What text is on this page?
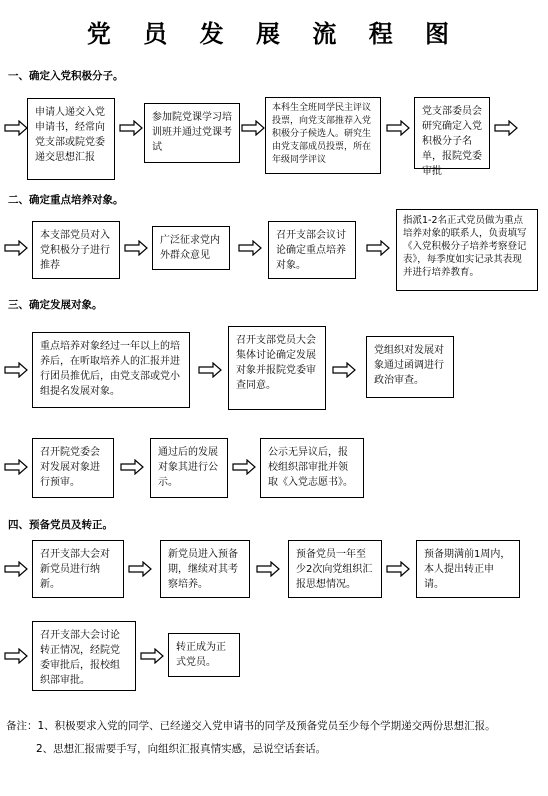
党 员 发 展 流 程 图
一、确定入党积极分子。
申请人递交入党申请书，经常向党支部或院党委递交思想汇报
参加院党课学习培训班并通过党课考试
本科生全班同学民主评议投票，向党支部推荐入党积极分子候选人。研究生由党支部成员投票，所在年级同学评议
党支部委员会研究确定入党积极分子名单，报院党委审批
二、确定重点培养对象。
本支部党员对入党积极分子进行推荐
广泛征求党内外群众意见
召开支部会议讨论确定重点培养对象。
指派1-2名正式党员做为重点培养对象的联系人，负责填写《入党积极分子培养考察登记表》，每季度如实记录其表现并进行培养教育。
三、确定发展对象。
重点培养对象经过一年以上的培养后，在听取培养人的汇报并进行团员推优后，由党支部或党小组提名发展对象。
召开支部党员大会集体讨论确定发展对象并报院党委审查同意。
党组织对发展对象通过函调进行政治审查。
召开院党委会对发展对象进行预审。
通过后的发展对象其进行公示。
公示无异议后，报校组织部审批并领取《入党志愿书》。
四、预备党员及转正。
召开支部大会对新党员进行纳新。
新党员进入预备期，继续对其考察培养。
预备党员一年至少2次向党组织汇报思想情况。
预备期满前1周内，本人提出转正申请。
召开支部大会讨论转正情况，经院党委审批后，报校组织部审批。
转正成为正式党员。
备注： 1、积极要求入党的同学、已经递交入党申请书的同学及预备党员至少每个学期递交两份思想汇报。
2、思想汇报需要手写，向组织汇报真情实感，忌说空话套话。
